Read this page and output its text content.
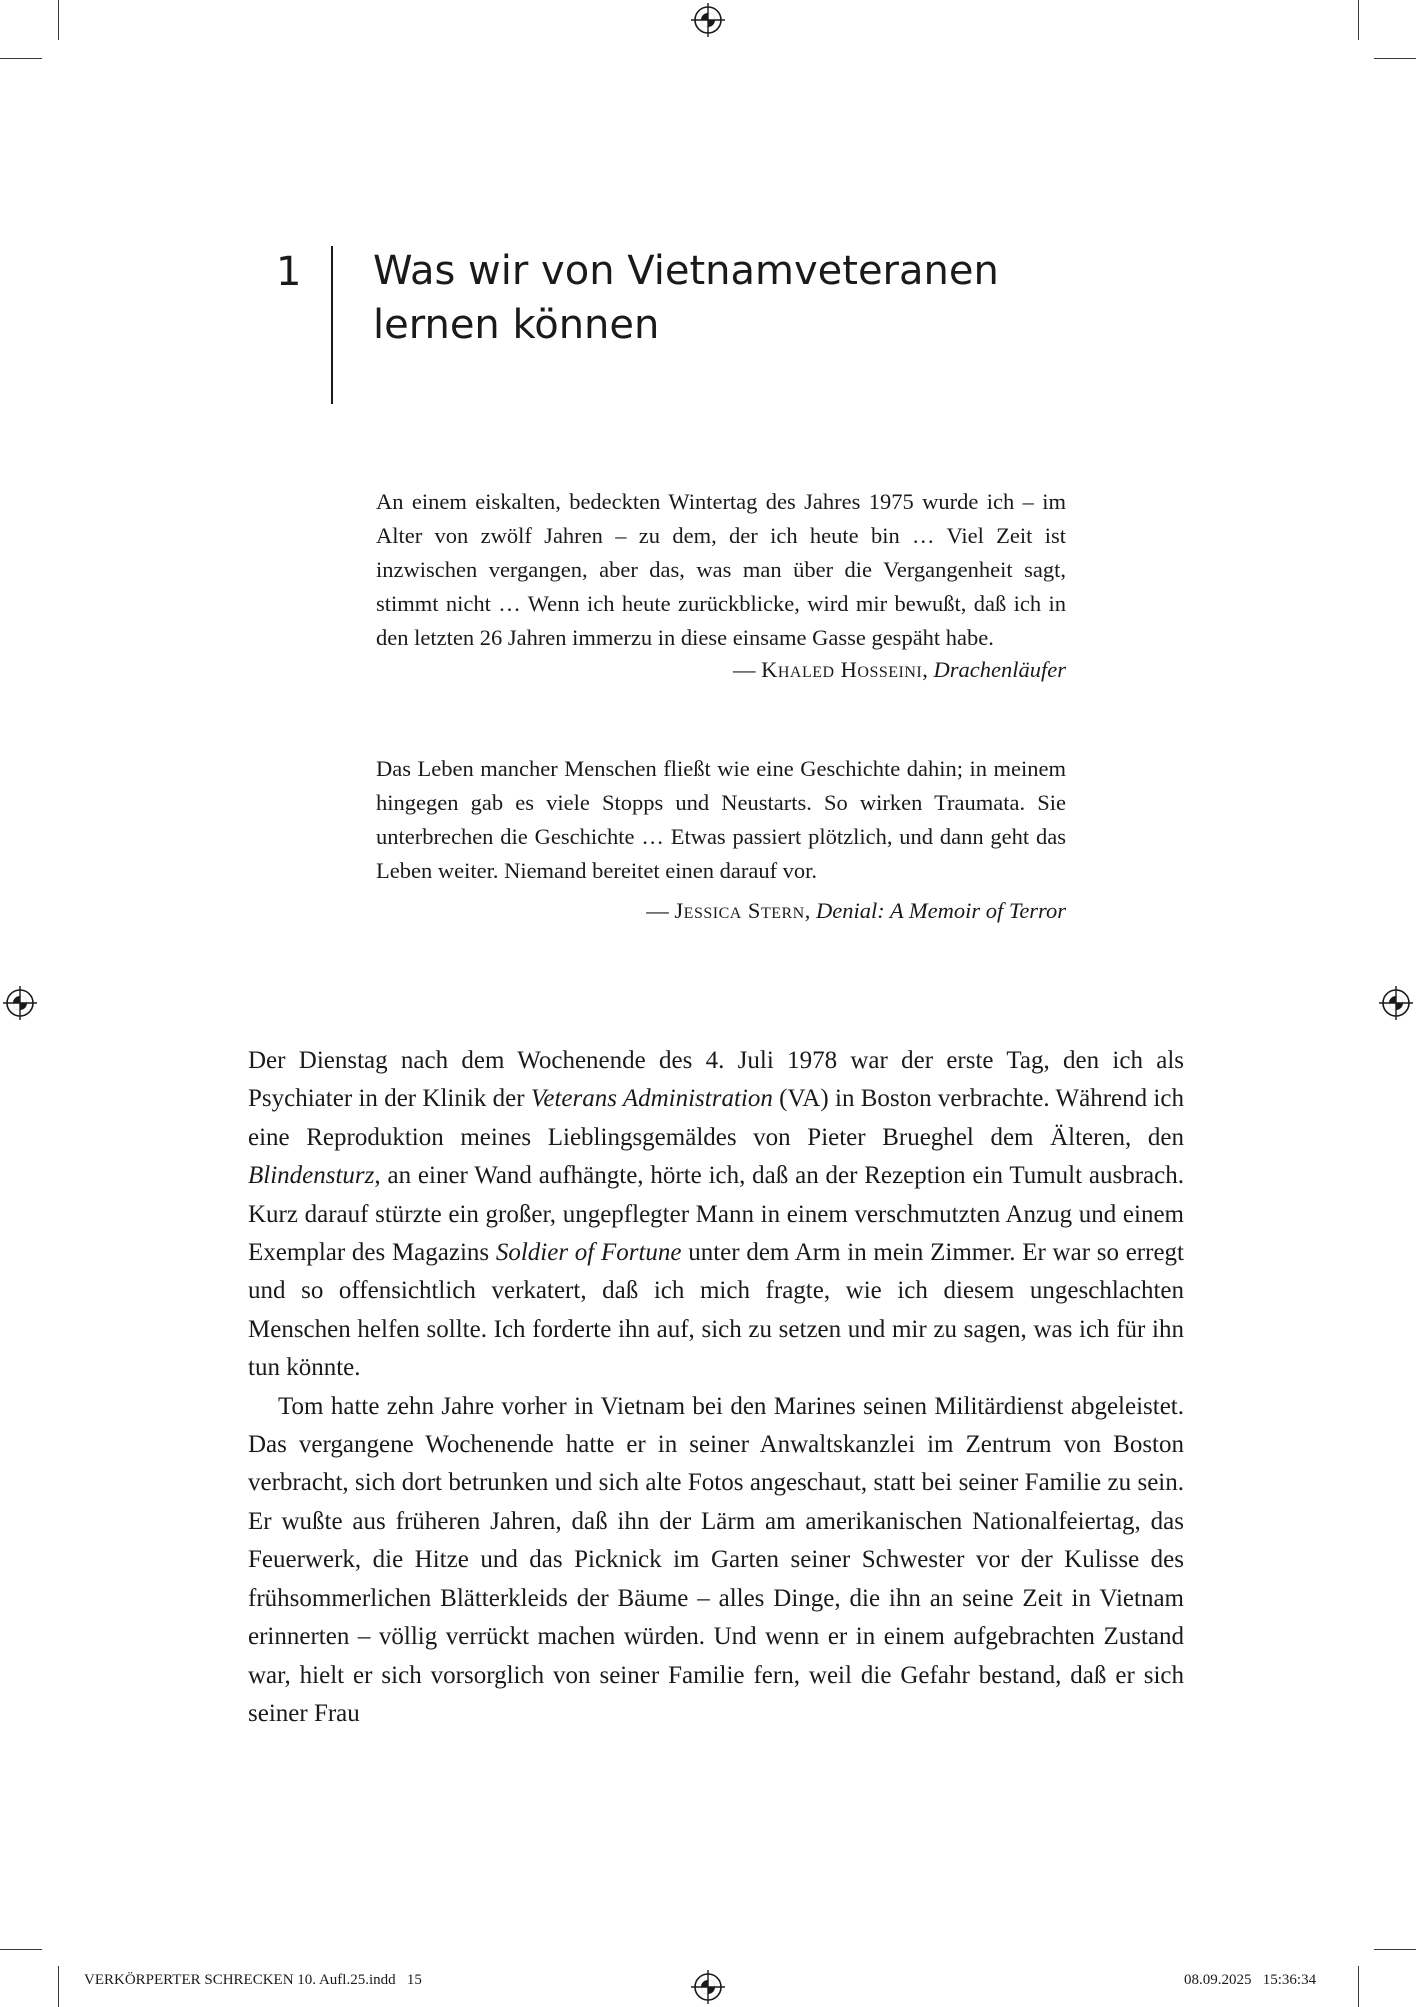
1 Was wir von Vietnamveteranen
lernen können
An einem eiskalten, bedeckten Wintertag des Jahres 1975 wurde ich – im Alter von zwölf Jahren – zu dem, der ich heute bin … Viel Zeit ist inzwischen vergangen, aber das, was man über die Vergangenheit sagt, stimmt nicht … Wenn ich heute zurückblicke, wird mir bewußt, daß ich in den letzten 26 Jahren immerzu in diese einsame Gasse gespäht habe.
— Khaled Hosseini, Drachenläufer
Das Leben mancher Menschen fließt wie eine Geschichte dahin; in meinem hingegen gab es viele Stopps und Neustarts. So wirken Traumata. Sie unterbrechen die Geschichte … Etwas passiert plötzlich, und dann geht das Leben weiter. Niemand bereitet einen darauf vor.
— Jessica Stern, Denial: A Memoir of Terror

Der Dienstag nach dem Wochenende des 4. Juli 1978 war der erste Tag, den ich als Psychiater in der Klinik der Veterans Administration (VA) in Boston verbrachte. Während ich eine Reproduktion meines Lieblingsgemäldes von Pieter Brueghel dem Älteren, den Blindensturz, an einer Wand aufhängte, hörte ich, daß an der Rezeption ein Tumult ausbrach. Kurz darauf stürzte ein großer, ungepflegter Mann in einem verschmutzten Anzug und einem Exemplar des Magazins Soldier of Fortune unter dem Arm in mein Zimmer. Er war so erregt und so offensichtlich verkatert, daß ich mich fragte, wie ich diesem ungeschlachten Menschen helfen sollte. Ich forderte ihn auf, sich zu setzen und mir zu sagen, was ich für ihn tun könnte.

Tom hatte zehn Jahre vorher in Vietnam bei den Marines seinen Militärdienst abgeleistet. Das vergangene Wochenende hatte er in seiner Anwaltskanzlei im Zentrum von Boston verbracht, sich dort betrunken und sich alte Fotos angeschaut, statt bei seiner Familie zu sein. Er wußte aus früheren Jahren, daß ihn der Lärm am amerikanischen Nationalfeiertag, das Feuerwerk, die Hitze und das Picknick im Garten seiner Schwester vor der Kulisse des frühsommerlichen Blätterkleids der Bäume – alles Dinge, die ihn an seine Zeit in Vietnam erinnerten – völlig verrückt machen würden. Und wenn er in einem aufgebrachten Zustand war, hielt er sich vorsorglich von seiner Familie fern, weil die Gefahr bestand, daß er sich seiner Frau

VERKÖRPERTER SCHRECKEN 10. Aufl.25.indd   15	08.09.2025   15:36:34
